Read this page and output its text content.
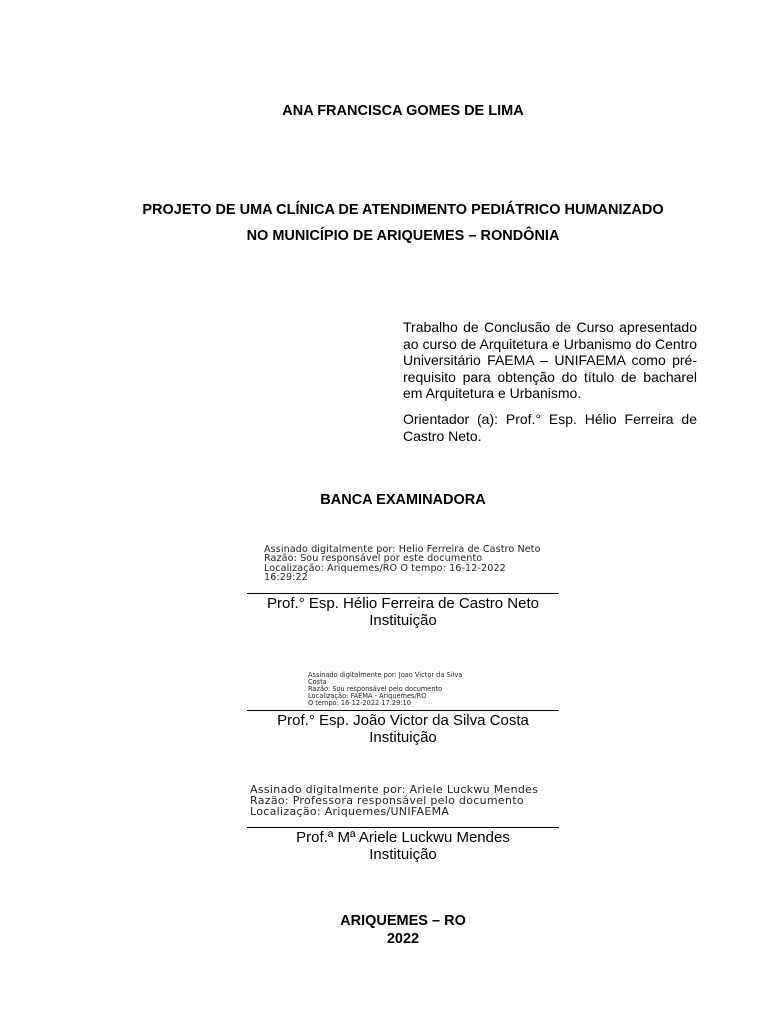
ANA FRANCISCA GOMES DE LIMA
PROJETO DE UMA CLÍNICA DE ATENDIMENTO PEDIÁTRICO HUMANIZADO
NO MUNICÍPIO DE ARIQUEMES – RONDÔNIA

Trabalho de Conclusão de Curso apresentado ao curso de Arquitetura e Urbanismo do Centro Universitário FAEMA – UNIFAEMA como pré-requisito para obtenção do título de bacharel em Arquitetura e Urbanismo.

Orientador (a): Prof.° Esp. Hélio Ferreira de Castro Neto.

BANCA EXAMINADORA
Assinado digitalmente por: Helio Ferreira de Castro Neto
Razão: Sou responsável por este documento
Localização: Ariquemes/RO O tempo: 16-12-2022
16:29:22
Prof.° Esp. Hélio Ferreira de Castro Neto
Instituição
Assinado digitalmente por: Joao Victor da Silva
Costa
Razão: Sou responsável pelo documento
Localização: FAEMA - Ariquemes/RO
O tempo: 16-12-2022 17:29:10
Prof.° Esp. João Victor da Silva Costa
Instituição
Assinado digitalmente por: Ariele Luckwu Mendes
Razão: Professora responsável pelo documento
Localização: Ariquemes/UNIFAEMA
Prof.ª Mª Ariele Luckwu Mendes
Instituição
ARIQUEMES – RO
2022
